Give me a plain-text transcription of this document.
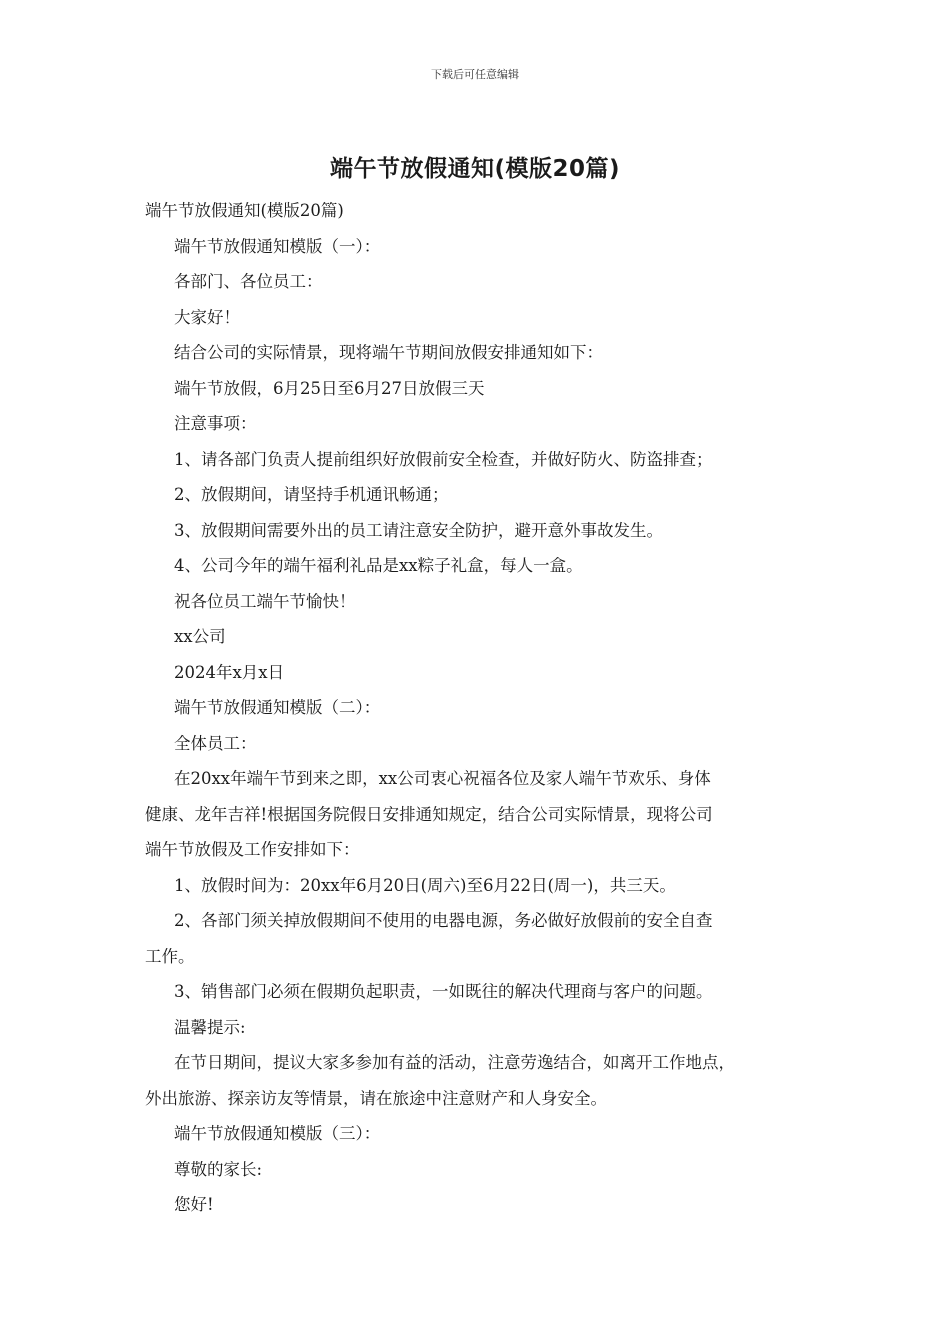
下载后可任意编辑
端午节放假通知(模版20篇)

端午节放假通知(模版20篇)

端午节放假通知模版（一）：

各部门、各位员工：

大家好！

结合公司的实际情景，现将端午节期间放假安排通知如下：

端午节放假，6月25日至6月27日放假三天

注意事项：

1、请各部门负责人提前组织好放假前安全检查，并做好防火、防盗排查；

2、放假期间，请坚持手机通讯畅通；

3、放假期间需要外出的员工请注意安全防护，避开意外事故发生。

4、公司今年的端午福利礼品是xx粽子礼盒，每人一盒。

祝各位员工端午节愉快！

xx公司

2024年x月x日

端午节放假通知模版（二）：

全体员工：

在20xx年端午节到来之即，xx公司衷心祝福各位及家人端午节欢乐、身体

健康、龙年吉祥!根据国务院假日安排通知规定，结合公司实际情景，现将公司

端午节放假及工作安排如下：

1、放假时间为：20xx年6月20日(周六)至6月22日(周一)，共三天。

2、各部门须关掉放假期间不使用的电器电源，务必做好放假前的安全自查

工作。

3、销售部门必须在假期负起职责，一如既往的解决代理商与客户的问题。

温馨提示:

在节日期间，提议大家多参加有益的活动，注意劳逸结合，如离开工作地点，

外出旅游、探亲访友等情景，请在旅途中注意财产和人身安全。

端午节放假通知模版（三）：

尊敬的家长:

您好!
